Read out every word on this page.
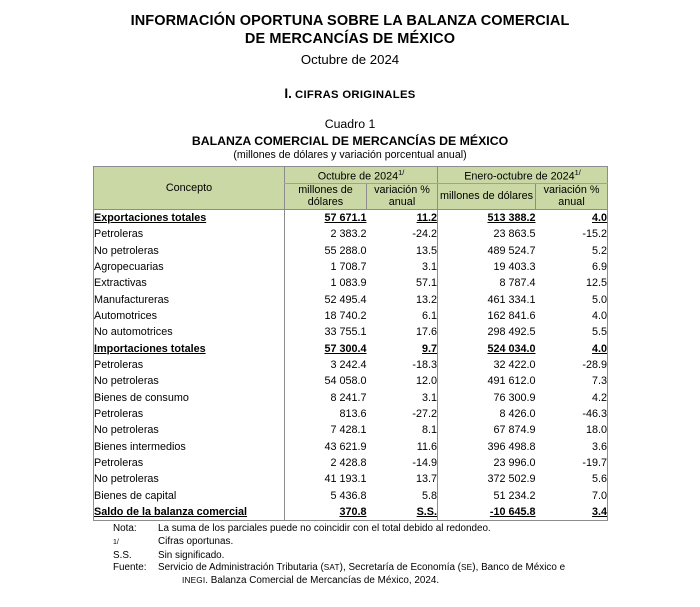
INFORMACIÓN OPORTUNA SOBRE LA BALANZA COMERCIAL
DE MERCANCÍAS DE MÉXICO
Octubre de 2024
I. CIFRAS ORIGINALES
Cuadro 1
BALANZA COMERCIAL DE MERCANCÍAS DE MÉXICO
(millones de dólares y variación porcentual anual)
Concepto	Octubre de 2024$^{1/}$		Enero-octubre de 2024$^{1/}$
	millones de dólares	variación % anual	millones de dólares	variación % anual
Exportaciones totales	57 671.1	11.2	513 388.2	4.0
Petroleras	2 383.2	-24.2	23 863.5	-15.2
No petroleras	55 288.0	13.5	489 524.7	5.2
Agropecuarias	1 708.7	3.1	19 403.3	6.9
Extractivas	1 083.9	57.1	8 787.4	12.5
Manufactureras	52 495.4	13.2	461 334.1	5.0
Automotrices	18 740.2	6.1	162 841.6	4.0
No automotrices	33 755.1	17.6	298 492.5	5.5
Importaciones totales	57 300.4	9.7	524 034.0	4.0
Petroleras	3 242.4	-18.3	32 422.0	-28.9
No petroleras	54 058.0	12.0	491 612.0	7.3
Bienes de consumo	8 241.7	3.1	76 300.9	4.2
Petroleras	813.6	-27.2	8 426.0	-46.3
No petroleras	7 428.1	8.1	67 874.9	18.0
Bienes intermedios	43 621.9	11.6	396 498.8	3.6
Petroleras	2 428.8	-14.9	23 996.0	-19.7
No petroleras	41 193.1	13.7	372 502.9	5.6
Bienes de capital	5 436.8	5.8	51 234.2	7.0
Saldo de la balanza comercial	370.8	S.S.	-10 645.8	3.4
Nota:	La suma de los parciales puede no coincidir con el total debido al redondeo.
1/	Cifras oportunas.
S.S.	Sin significado.
Fuente:	Servicio de Administración Tributaria (SAT), Secretaría de Economía (SE), Banco de México e
INEGI. Balanza Comercial de Mercancías de México, 2024.
